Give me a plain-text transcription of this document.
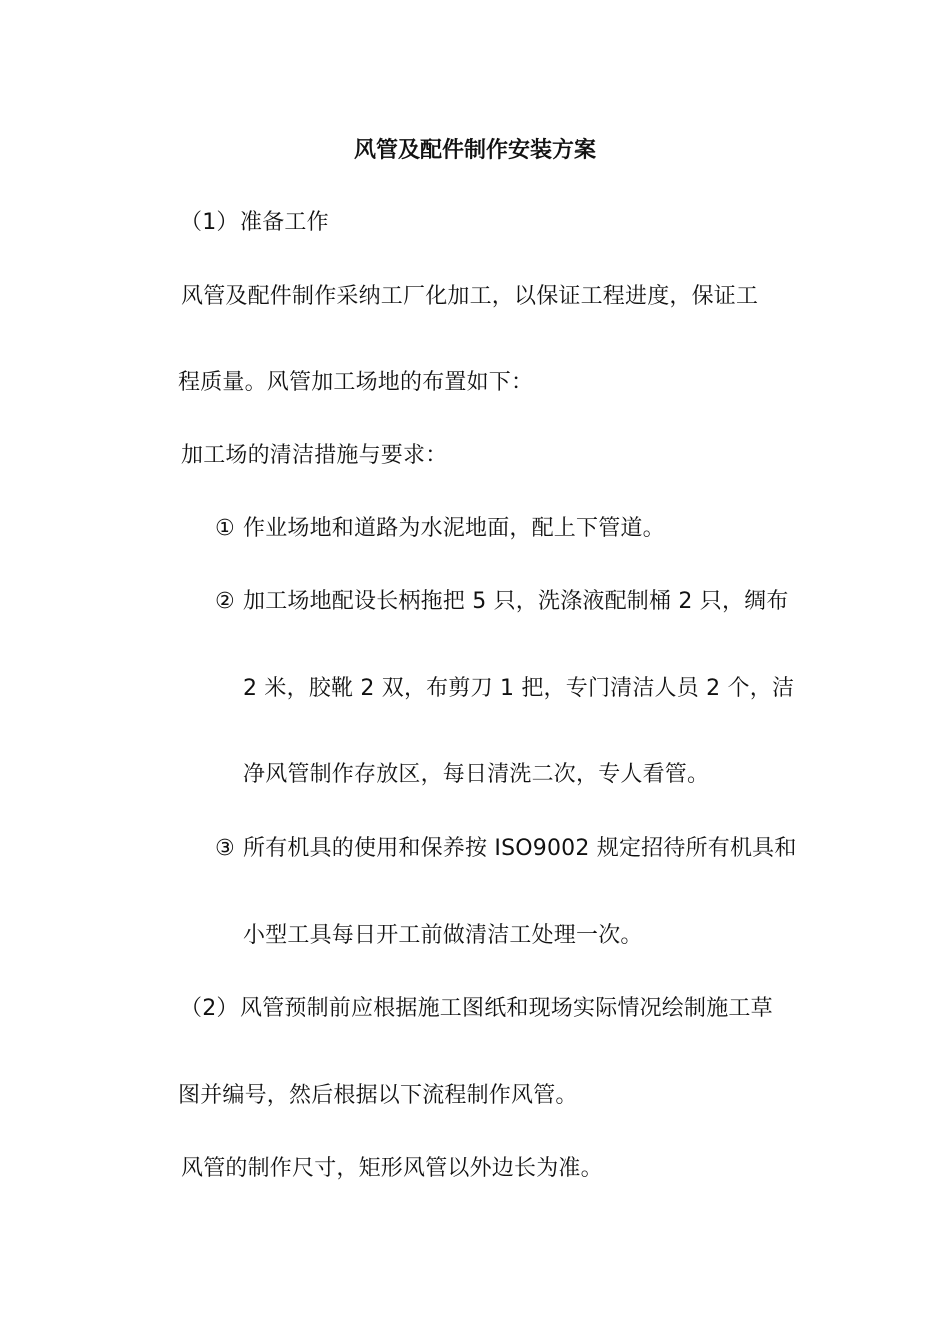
风管及配件制作安装方案
（1）准备工作
风管及配件制作采纳工厂化加工，以保证工程进度，保证工
程质量。风管加工场地的布置如下：
加工场的清洁措施与要求：
① 作业场地和道路为水泥地面，配上下管道。
② 加工场地配设长柄拖把 5 只，洗涤液配制桶 2 只，绸布
2 米，胶靴 2 双，布剪刀 1 把，专门清洁人员 2 个，洁
净风管制作存放区，每日清洗二次，专人看管。
③ 所有机具的使用和保养按 ISO9002 规定招待所有机具和
小型工具每日开工前做清洁工处理一次。
（2）风管预制前应根据施工图纸和现场实际情况绘制施工草
图并编号，然后根据以下流程制作风管。
风管的制作尺寸，矩形风管以外边长为准。
